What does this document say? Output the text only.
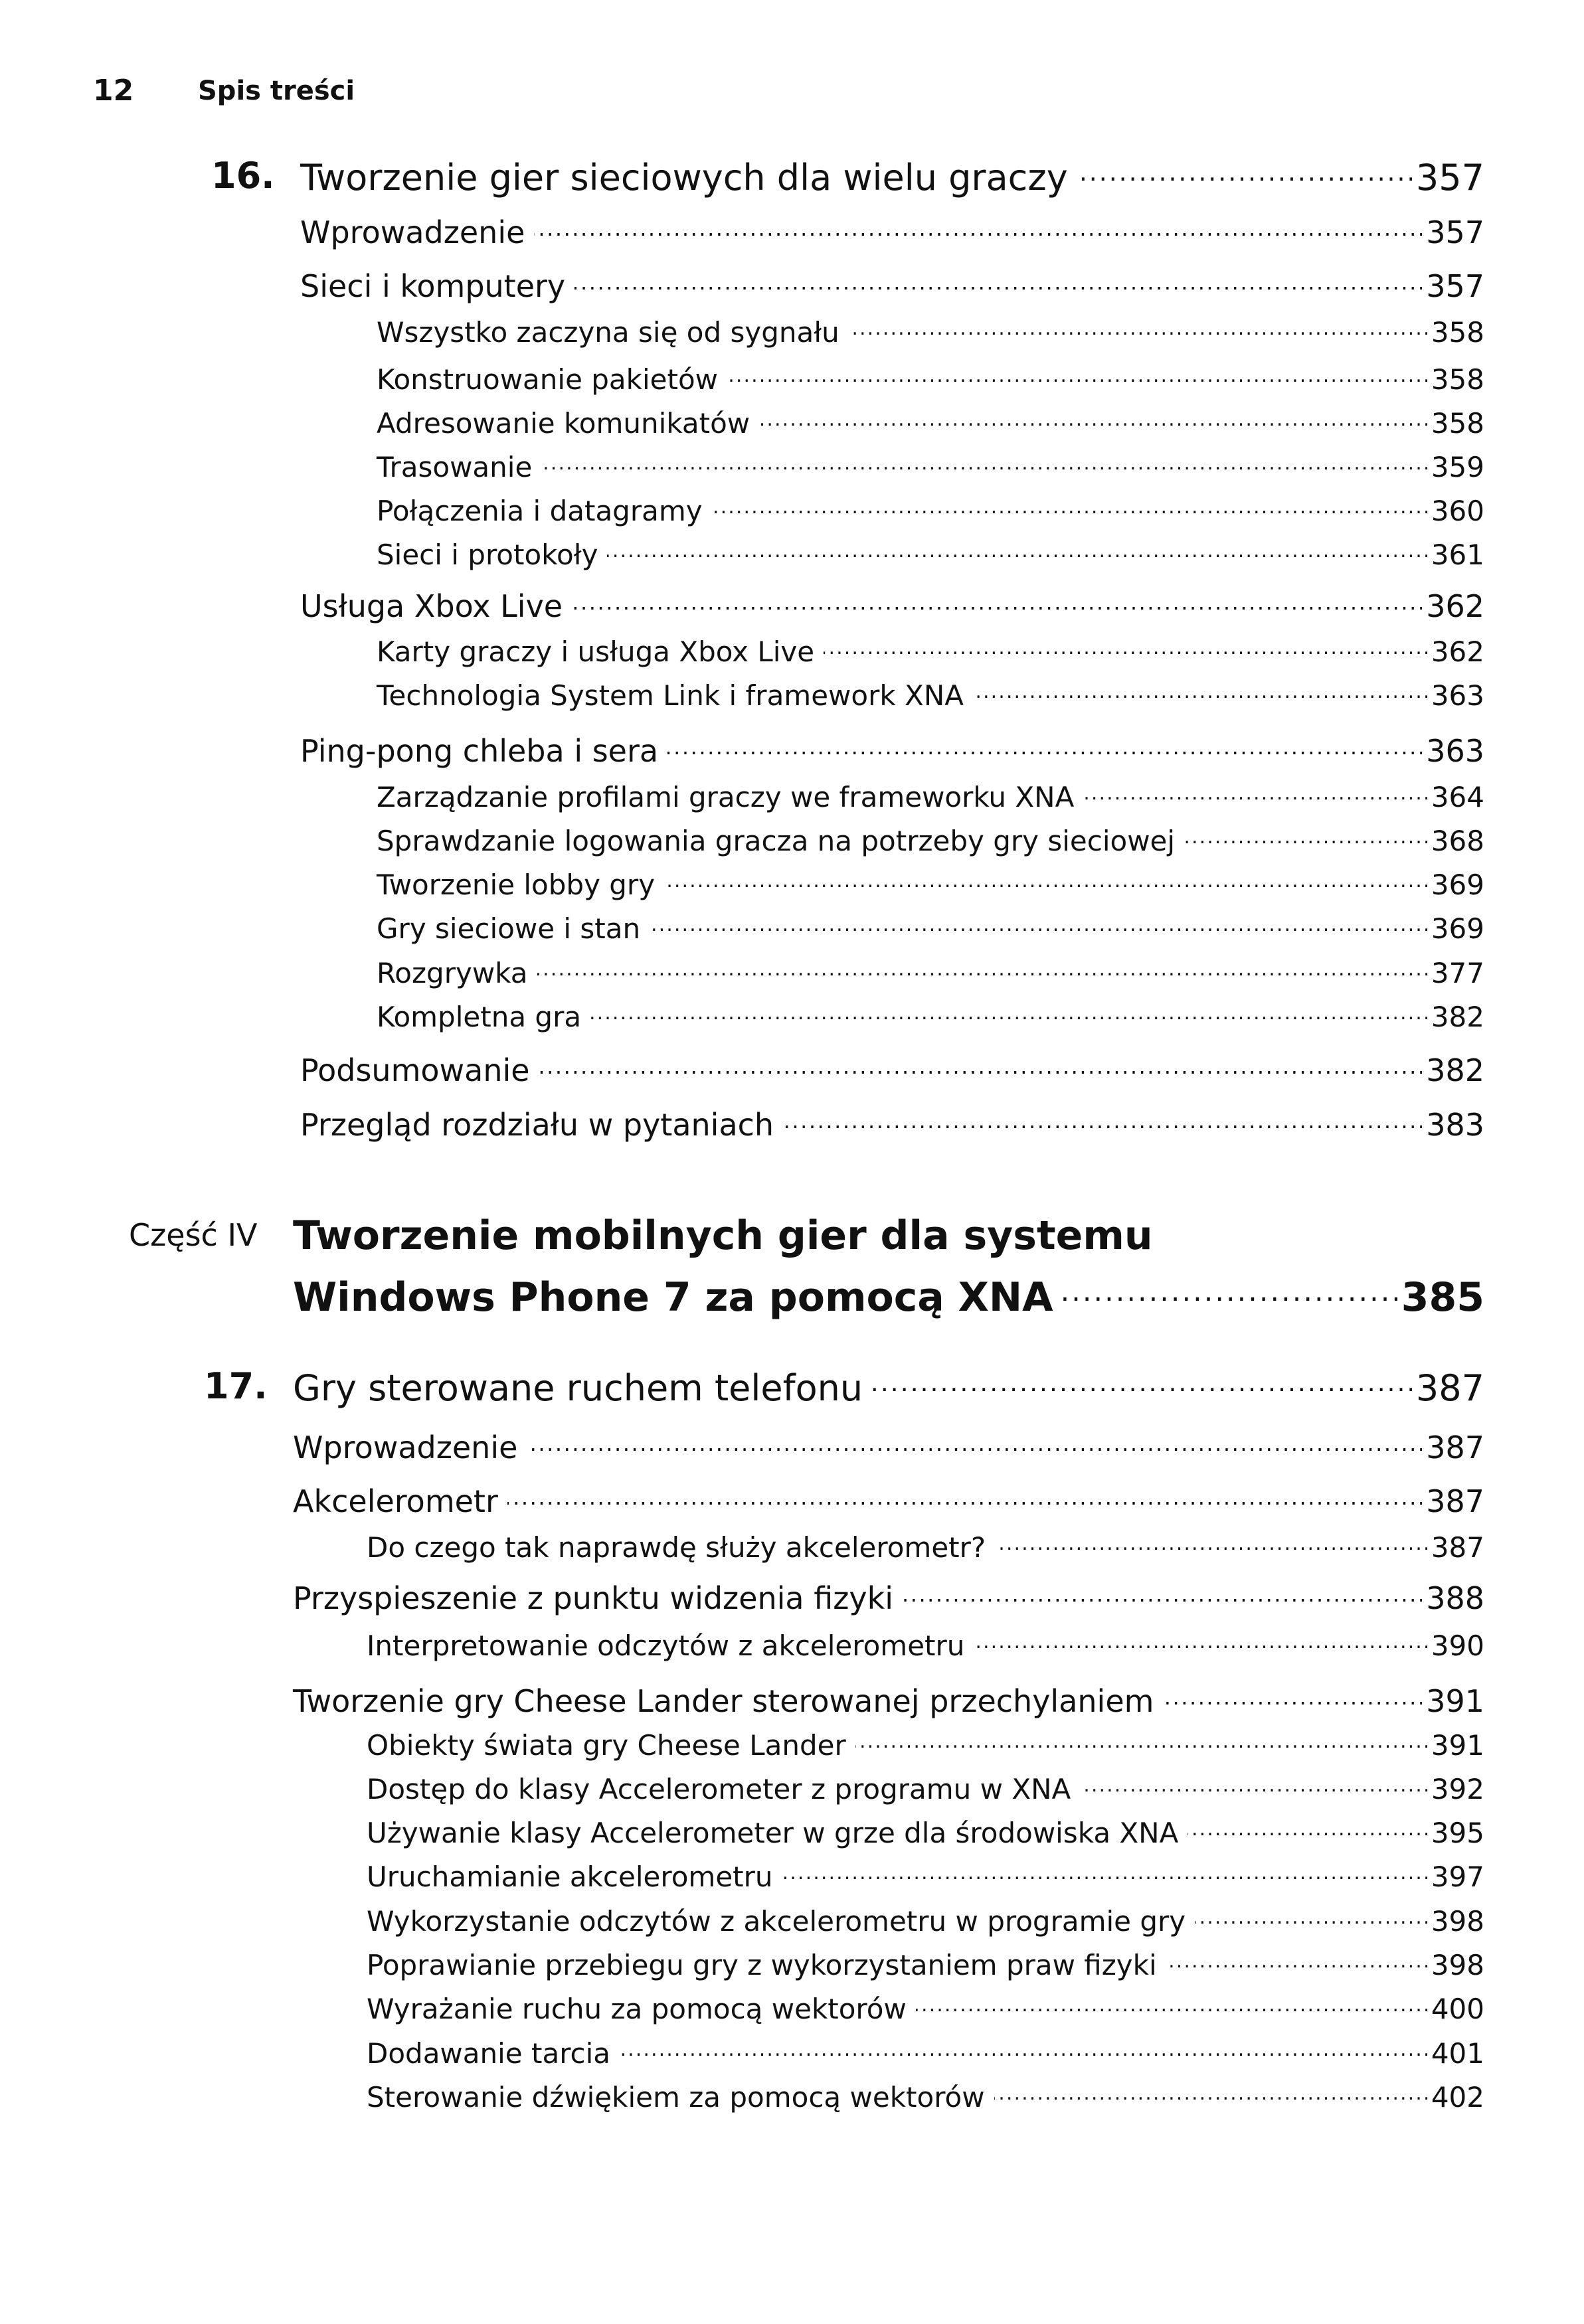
12 Spis treści
16. Tworzenie gier sieciowych dla wielu graczy . . .	357
Wprowadzenie . . .	357
Sieci i komputery . . .	357
Wszystko zaczyna się od sygnału . . .	358
Konstruowanie pakietów . . .	358
Adresowanie komunikatów . . .	358
Trasowanie . . .	359
Połączenia i datagramy . . .	360
Sieci i protokoły . . .	361
Usługa Xbox Live . . .	362
Karty graczy i usługa Xbox Live . . .	362
Technologia System Link i framework XNA . . .	363
Ping-pong chleba i sera . . .	363
Zarządzanie profilami graczy we frameworku XNA . . .	364
Sprawdzanie logowania gracza na potrzeby gry sieciowej . . .	368
Tworzenie lobby gry . . .	369
Gry sieciowe i stan . . .	369
Rozgrywka . . .	377
Kompletna gra . . .	382
Podsumowanie . . .	382
Przegląd rozdziału w pytaniach . . .	383
Część IV Tworzenie mobilnych gier dla systemu
Windows Phone 7 za pomocą XNA . . .	385
17. Gry sterowane ruchem telefonu . . .	387
Wprowadzenie . . .	387
Akcelerometr . . .	387
Do czego tak naprawdę służy akcelerometr? . . .	387
Przyspieszenie z punktu widzenia fizyki . . .	388
Interpretowanie odczytów z akcelerometru . . .	390
Tworzenie gry Cheese Lander sterowanej przechylaniem . . .	391
Obiekty świata gry Cheese Lander . . .	391
Dostęp do klasy Accelerometer z programu w XNA . . .	392
Używanie klasy Accelerometer w grze dla środowiska XNA . . .	395
Uruchamianie akcelerometru . . .	397
Wykorzystanie odczytów z akcelerometru w programie gry . . .	398
Poprawianie przebiegu gry z wykorzystaniem praw fizyki . . .	398
Wyrażanie ruchu za pomocą wektorów . . .	400
Dodawanie tarcia . . .	401
Sterowanie dźwiękiem za pomocą wektorów . . .	402
